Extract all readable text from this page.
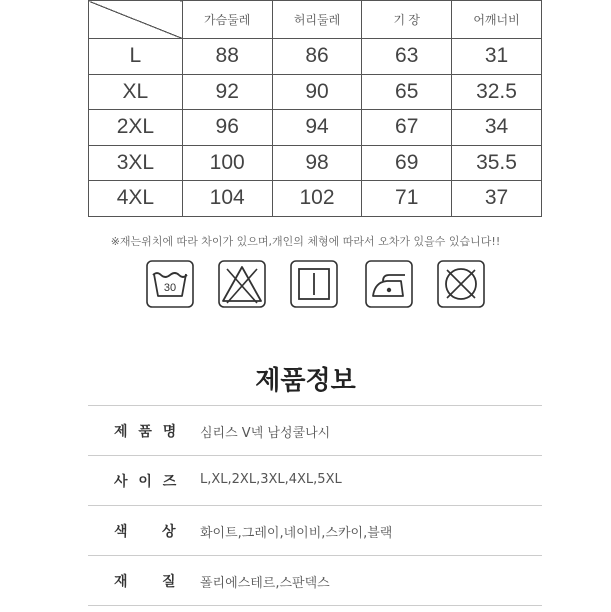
	가슴둘레	허리둘레	기 장	어깨너비
L	88	86	63	31
XL	92	90	65	32.5
2XL	96	94	67	34
3XL	100	98	69	35.5
4XL	104	102	71	37
※재는위치에 따라 차이가 있으며,개인의 체형에 따라서 오차가 있을수 있습니다!!
30
제품정보
제 품 명 심리스 V넥 남성쿨나시
사 이 즈 L,XL,2XL,3XL,4XL,5XL
색    상 화이트,그레이,네이비,스카이,블랙
재    질 폴리에스테르,스판덱스
